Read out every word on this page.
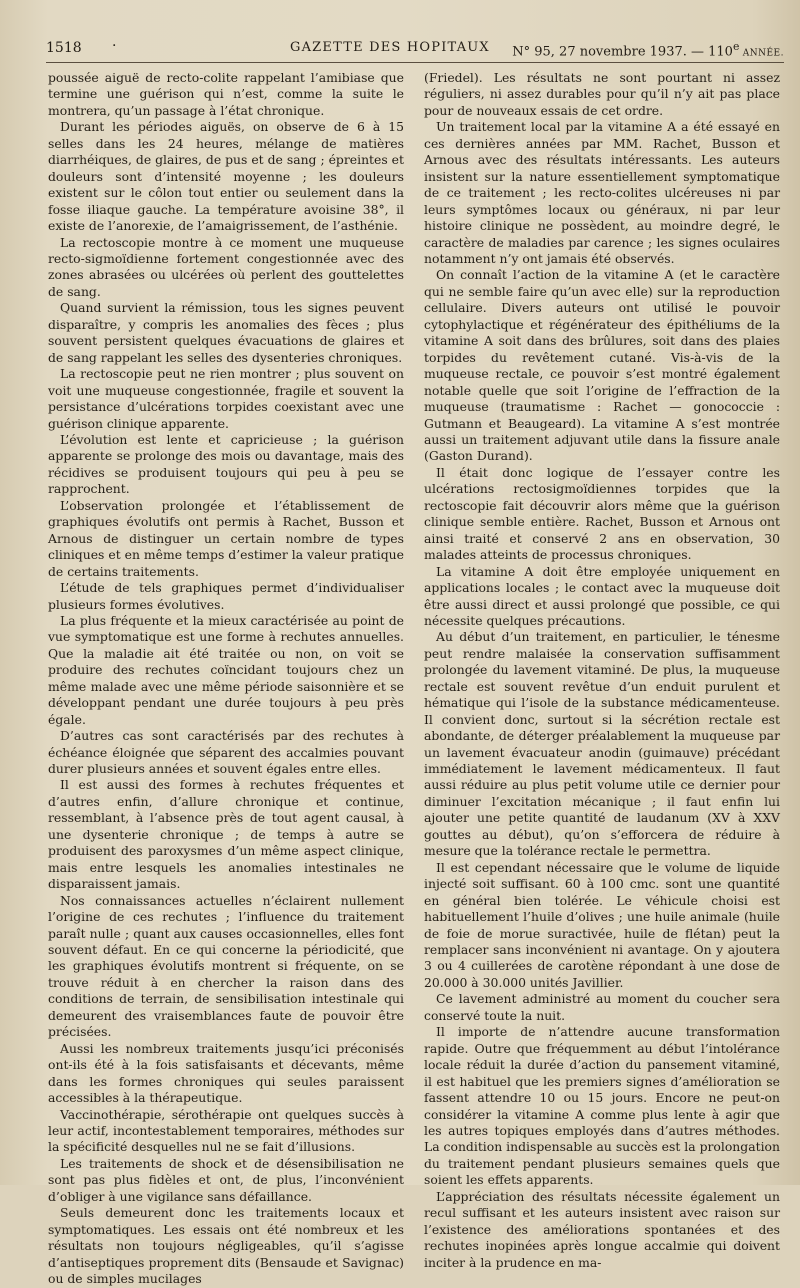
1518 ·	GAZETTE DES HOPITAUX N° 95, 27 novembre 1937. — 110e ANNÉE.

poussée aiguë de recto-colite rappelant l’amibiase que termine une guérison qui n’est, comme la suite le montrera, qu’un passage à l’état chronique.

Durant les périodes aiguës, on observe de 6 à 15 selles dans les 24 heures, mélange de matières diarrhéiques, de glaires, de pus et de sang ; épreintes et douleurs sont d’intensité moyenne ; les douleurs existent sur le côlon tout entier ou seulement dans la fosse iliaque gauche. La température avoisine 38°, il existe de l’anorexie, de l’amaigrissement, de l’asthénie.

La rectoscopie montre à ce moment une muqueuse recto-sigmoïdienne fortement congestionnée avec des zones abrasées ou ulcérées où perlent des gouttelettes de sang.

Quand survient la rémission, tous les signes peuvent disparaître, y compris les anomalies des fèces ; plus souvent persistent quelques évacuations de glaires et de sang rappelant les selles des dysenteries chroniques.

La rectoscopie peut ne rien montrer ; plus souvent on voit une muqueuse congestionnée, fragile et souvent la persistance d’ulcérations torpides coexistant avec une guérison clinique apparente.

L’évolution est lente et capricieuse ; la guérison apparente se prolonge des mois ou davantage, mais des récidives se produisent toujours qui peu à peu se rapprochent.

L’observation prolongée et l’établissement de graphiques évolutifs ont permis à Rachet, Busson et Arnous de distinguer un certain nombre de types cliniques et en même temps d’estimer la valeur pratique de certains traitements.

L’étude de tels graphiques permet d’individualiser plusieurs formes évolutives.

La plus fréquente et la mieux caractérisée au point de vue symptomatique est une forme à rechutes annuelles. Que la maladie ait été traitée ou non, on voit se produire des rechutes coïncidant toujours chez un même malade avec une même période saisonnière et se développant pendant une durée toujours à peu près égale.

D’autres cas sont caractérisés par des rechutes à échéance éloignée que séparent des accalmies pouvant durer plusieurs années et souvent égales entre elles.

Il est aussi des formes à rechutes fréquentes et d’autres enfin, d’allure chronique et continue, ressemblant, à l’absence près de tout agent causal, à une dysenterie chronique ; de temps à autre se produisent des paroxysmes d’un même aspect clinique, mais entre lesquels les anomalies intestinales ne disparaissent jamais.

Nos connaissances actuelles n’éclairent nullement l’origine de ces rechutes ; l’influence du traitement paraît nulle ; quant aux causes occasionnelles, elles font souvent défaut. En ce qui concerne la périodicité, que les graphiques évolutifs montrent si fréquente, on se trouve réduit à en chercher la raison dans des conditions de terrain, de sensibilisation intestinale qui demeurent des vraisemblances faute de pouvoir être précisées.

Aussi les nombreux traitements jusqu’ici préconisés ont-ils été à la fois satisfaisants et décevants, même dans les formes chroniques qui seules paraissent accessibles à la thérapeutique.

Vaccinothérapie, sérothérapie ont quelques succès à leur actif, incontestablement temporaires, méthodes sur la spécificité desquelles nul ne se fait d’illusions.

Les traitements de shock et de désensibilisation ne sont pas plus fidèles et ont, de plus, l’inconvénient d’obliger à une vigilance sans défaillance.

Seuls demeurent donc les traitements locaux et symptomatiques. Les essais ont été nombreux et les résultats non toujours négligeables, qu’il s’agisse d’antiseptiques proprement dits (Bensaude et Savignac) ou de simples mucilages

(Friedel). Les résultats ne sont pourtant ni assez réguliers, ni assez durables pour qu’il n’y ait pas place pour de nouveaux essais de cet ordre.

Un traitement local par la vitamine A a été essayé en ces dernières années par MM. Rachet, Busson et Arnous avec des résultats intéressants. Les auteurs insistent sur la nature essentiellement symptomatique de ce traitement ; les recto-colites ulcéreuses ni par leurs symptômes locaux ou généraux, ni par leur histoire clinique ne possèdent, au moindre degré, le caractère de maladies par carence ; les signes oculaires notamment n’y ont jamais été observés.

On connaît l’action de la vitamine A (et le caractère qui ne semble faire qu’un avec elle) sur la reproduction cellulaire. Divers auteurs ont utilisé le pouvoir cytophylactique et régénérateur des épithéliums de la vitamine A soit dans des brûlures, soit dans des plaies torpides du revêtement cutané. Vis-à-vis de la muqueuse rectale, ce pouvoir s’est montré également notable quelle que soit l’origine de l’effraction de la muqueuse (traumatisme : Rachet — gonococcie : Gutmann et Beaugeard). La vitamine A s’est montrée aussi un traitement adjuvant utile dans la fissure anale (Gaston Durand).

Il était donc logique de l’essayer contre les ulcérations rectosigmoïdiennes torpides que la rectoscopie fait découvrir alors même que la guérison clinique semble entière. Rachet, Busson et Arnous ont ainsi traité et conservé 2 ans en observation, 30 malades atteints de processus chroniques.

La vitamine A doit être employée uniquement en applications locales ; le contact avec la muqueuse doit être aussi direct et aussi prolongé que possible, ce qui nécessite quelques précautions.

Au début d’un traitement, en particulier, le ténesme peut rendre malaisée la conservation suffisamment prolongée du lavement vitaminé. De plus, la muqueuse rectale est souvent revêtue d’un enduit purulent et hématique qui l’isole de la substance médicamenteuse. Il convient donc, surtout si la sécrétion rectale est abondante, de déterger préalablement la muqueuse par un lavement évacuateur anodin (guimauve) précédant immédiatement le lavement médicamenteux. Il faut aussi réduire au plus petit volume utile ce dernier pour diminuer l’excitation mécanique ; il faut enfin lui ajouter une petite quantité de laudanum (XV à XXV gouttes au début), qu’on s’efforcera de réduire à mesure que la tolérance rectale le permettra.

Il est cependant nécessaire que le volume de liquide injecté soit suffisant. 60 à 100 cmc. sont une quantité en général bien tolérée. Le véhicule choisi est habituellement l’huile d’olives ; une huile animale (huile de foie de morue suractivée, huile de flétan) peut la remplacer sans inconvénient ni avantage. On y ajoutera 3 ou 4 cuillerées de carotène répondant à une dose de 20.000 à 30.000 unités Javillier.

Ce lavement administré au moment du coucher sera conservé toute la nuit.

Il importe de n’attendre aucune transformation rapide. Outre que fréquemment au début l’intolérance locale réduit la durée d’action du pansement vitaminé, il est habituel que les premiers signes d’amélioration se fassent attendre 10 ou 15 jours. Encore ne peut-on considérer la vitamine A comme plus lente à agir que les autres topiques employés dans d’autres méthodes. La condition indispensable au succès est la prolongation du traitement pendant plusieurs semaines quels que soient les effets apparents.

L’appréciation des résultats nécessite également un recul suffisant et les auteurs insistent avec raison sur l’existence des améliorations spontanées et des rechutes inopinées après longue accalmie qui doivent inciter à la prudence en ma-
